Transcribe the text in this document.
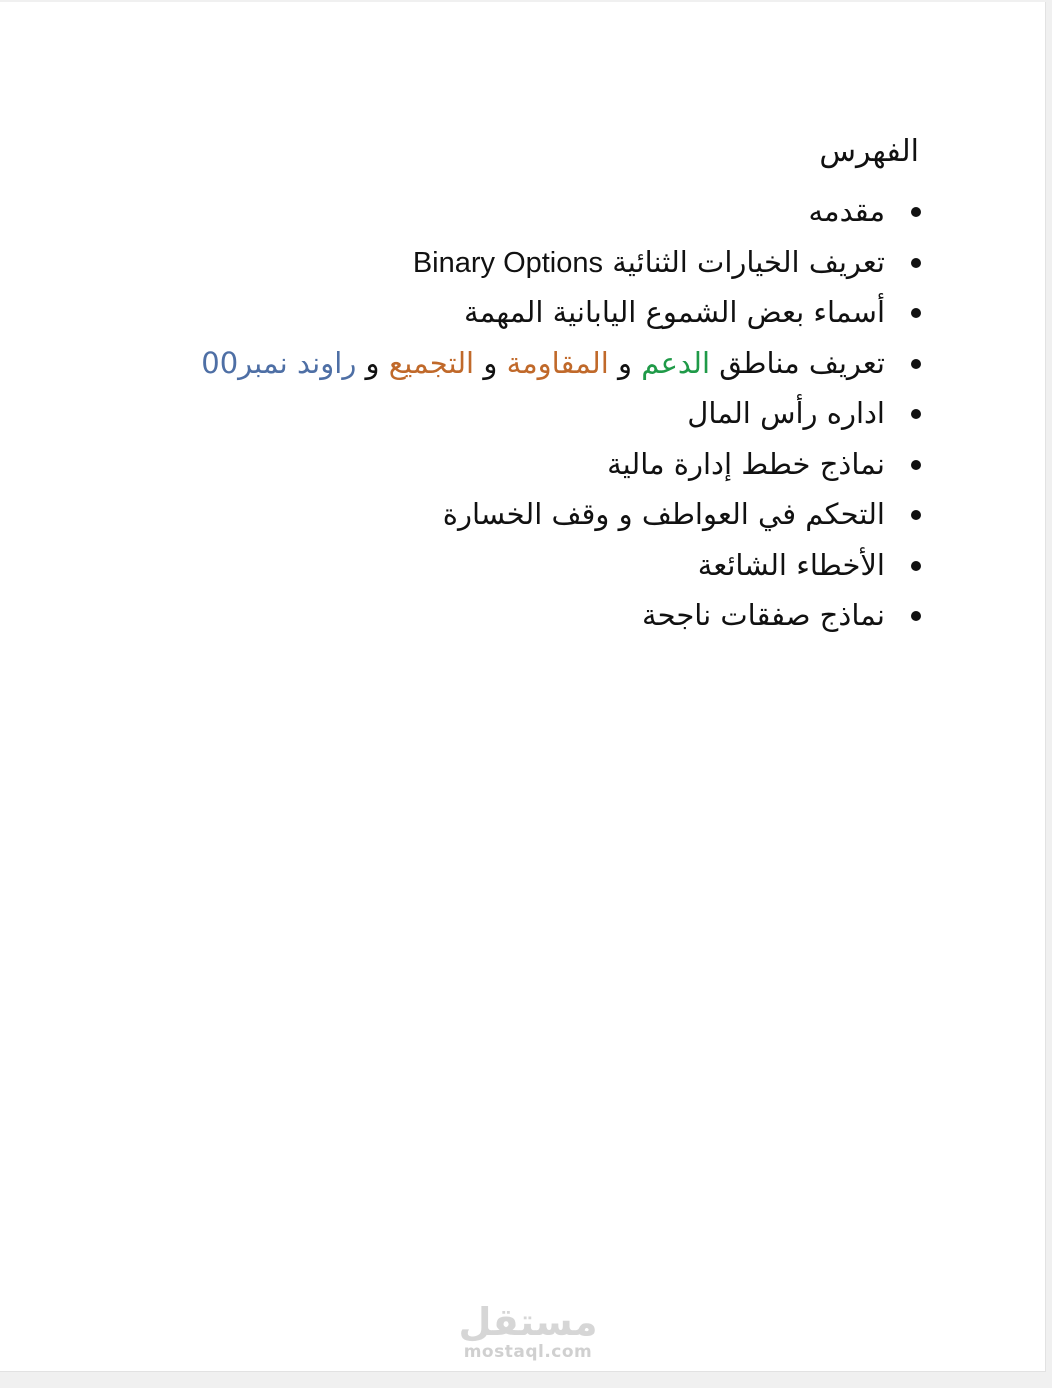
الفهرس
مقدمه
تعريف الخيارات الثنائية Binary Options
أسماء بعض الشموع اليابانية المهمة
تعريف مناطق الدعم و المقاومة و التجميع و راوند نمبر00
اداره رأس المال
نماذج خطط إدارة مالية
التحكم في العواطف و وقف الخسارة
الأخطاء الشائعة
نماذج صفقات ناجحة
مستقل
mostaql.com
